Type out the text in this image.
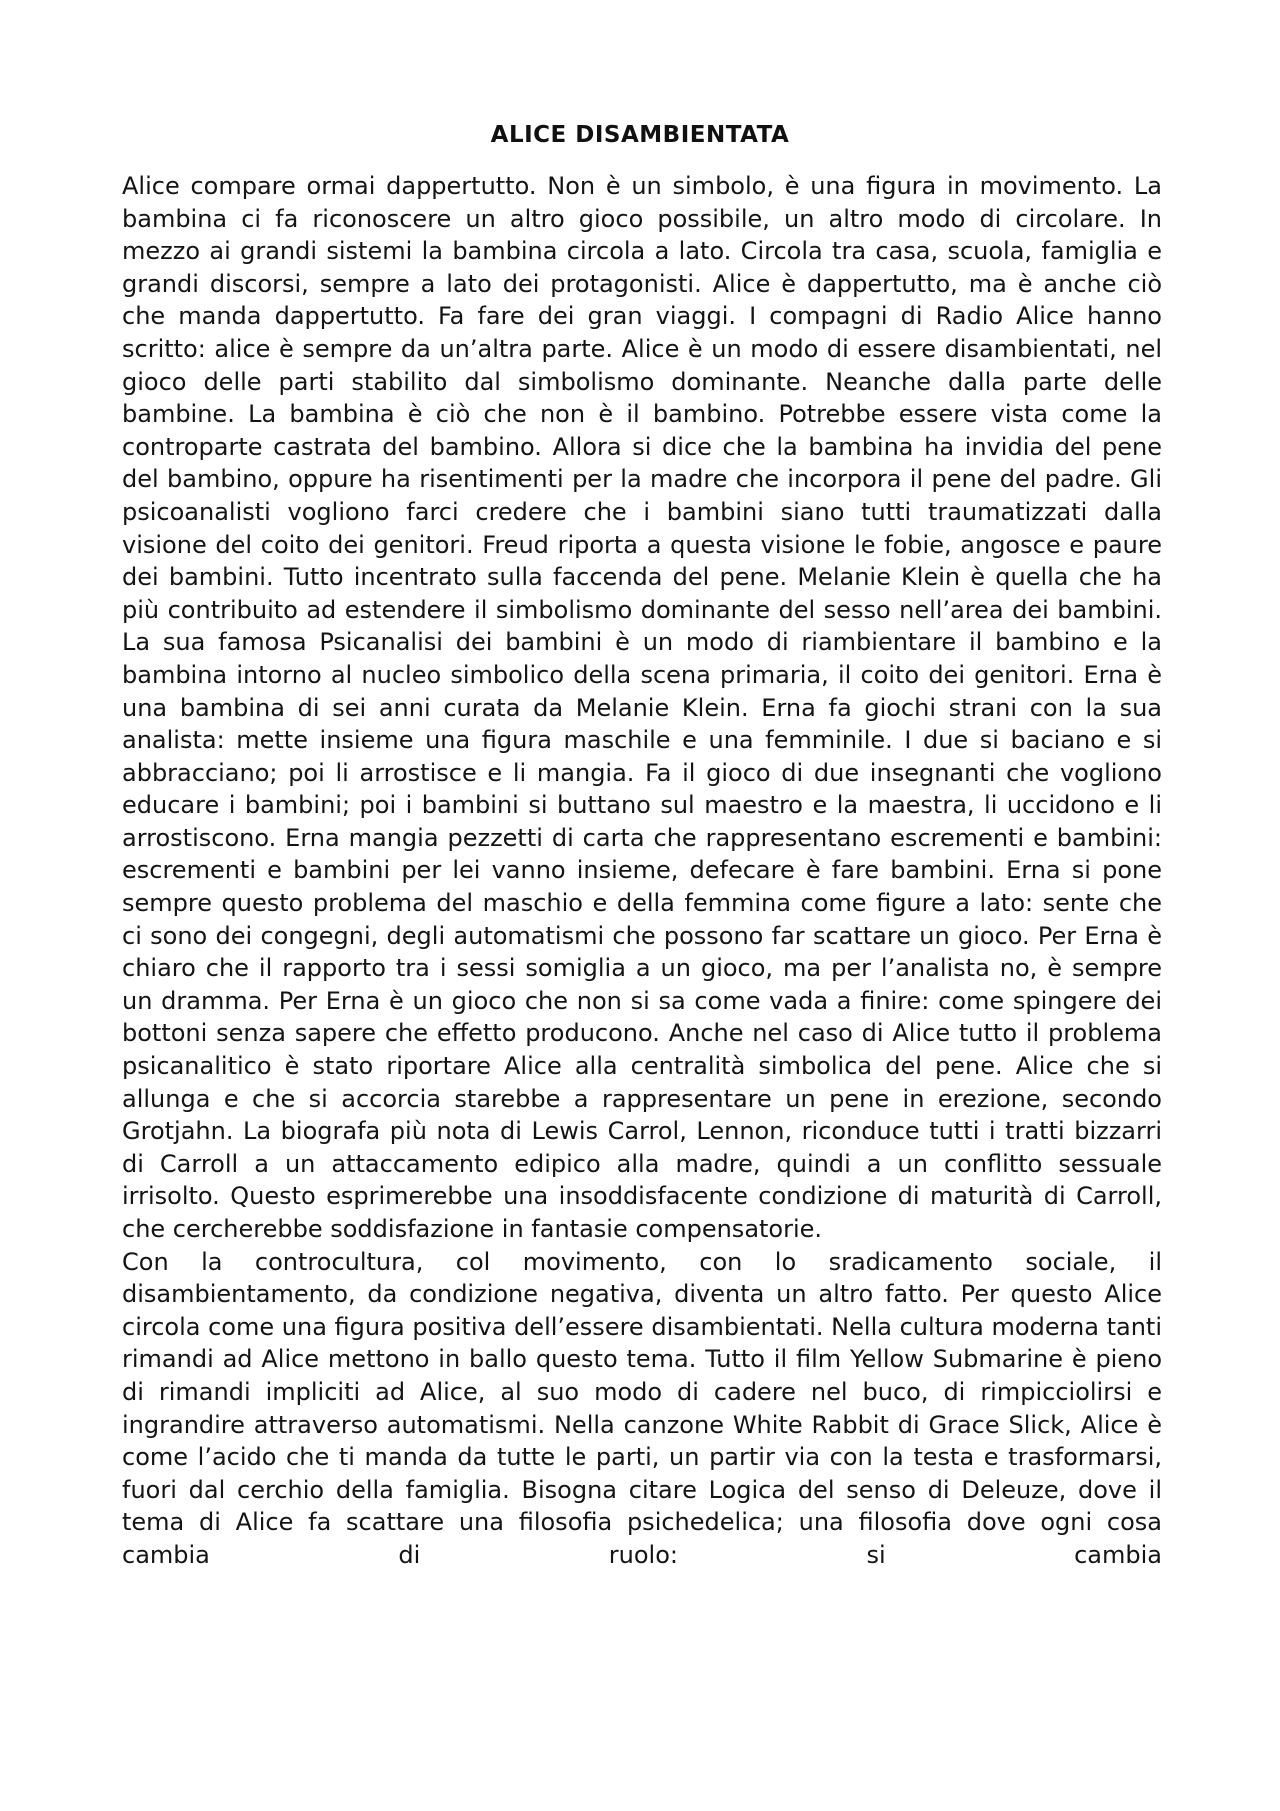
ALICE DISAMBIENTATA

Alice compare ormai dappertutto. Non è un simbolo, è una figura in movimento. La bambina ci fa riconoscere un altro gioco possibile, un altro modo di circolare. In mezzo ai grandi sistemi la bambina circola a lato. Circola tra casa, scuola, famiglia e grandi discorsi, sempre a lato dei protagonisti. Alice è dappertutto, ma è anche ciò che manda dappertutto. Fa fare dei gran viaggi. I compagni di Radio Alice hanno scritto: alice è sempre da un’altra parte. Alice è un modo di essere disambientati, nel gioco delle parti stabilito dal simbolismo dominante. Neanche dalla parte delle bambine. La bambina è ciò che non è il bambino. Potrebbe essere vista come la controparte castrata del bambino. Allora si dice che la bambina ha invidia del pene del bambino, oppure ha risentimenti per la madre che incorpora il pene del padre. Gli psicoanalisti vogliono farci credere che i bambini siano tutti traumatizzati dalla visione del coito dei genitori. Freud riporta a questa visione le fobie, angosce e paure dei bambini. Tutto incentrato sulla faccenda del pene. Melanie Klein è quella che ha più contribuito ad estendere il simbolismo dominante del sesso nell’area dei bambini. La sua famosa Psicanalisi dei bambini è un modo di riambientare il bambino e la bambina intorno al nucleo simbolico della scena primaria, il coito dei genitori. Erna è una bambina di sei anni curata da Melanie Klein. Erna fa giochi strani con la sua analista: mette insieme una figura maschile e una femminile. I due si baciano e si abbracciano; poi li arrostisce e li mangia. Fa il gioco di due insegnanti che vogliono educare i bambini; poi i bambini si buttano sul maestro e la maestra, li uccidono e li arrostiscono. Erna mangia pezzetti di carta che rappresentano escrementi e bambini: escrementi e bambini per lei vanno insieme, defecare è fare bambini. Erna si pone sempre questo problema del maschio e della femmina come figure a lato: sente che ci sono dei congegni, degli automatismi che possono far scattare un gioco. Per Erna è chiaro che il rapporto tra i sessi somiglia a un gioco, ma per l’analista no, è sempre un dramma. Per Erna è un gioco che non si sa come vada a finire: come spingere dei bottoni senza sapere che effetto producono. Anche nel caso di Alice tutto il problema psicanalitico è stato riportare Alice alla centralità simbolica del pene. Alice che si allunga e che si accorcia starebbe a rappresentare un pene in erezione, secondo Grotjahn. La biografa più nota di Lewis Carrol, Lennon, riconduce tutti i tratti bizzarri di Carroll a un attaccamento edipico alla madre, quindi a un conflitto sessuale irrisolto. Questo esprimerebbe una insoddisfacente condizione di maturità di Carroll, che cercherebbe soddisfazione in fantasie compensatorie.

Con la controcultura, col movimento, con lo sradicamento sociale, il disambientamento, da condizione negativa, diventa un altro fatto. Per questo Alice circola come una figura positiva dell’essere disambientati. Nella cultura moderna tanti rimandi ad Alice mettono in ballo questo tema. Tutto il film Yellow Submarine è pieno di rimandi impliciti ad Alice, al suo modo di cadere nel buco, di rimpicciolirsi e ingrandire attraverso automatismi. Nella canzone White Rabbit di Grace Slick, Alice è come l’acido che ti manda da tutte le parti, un partir via con la testa e trasformarsi, fuori dal cerchio della famiglia. Bisogna citare Logica del senso di Deleuze, dove il tema di Alice fa scattare una filosofia psichedelica; una filosofia dove ogni cosa cambia di ruolo: si cambia
